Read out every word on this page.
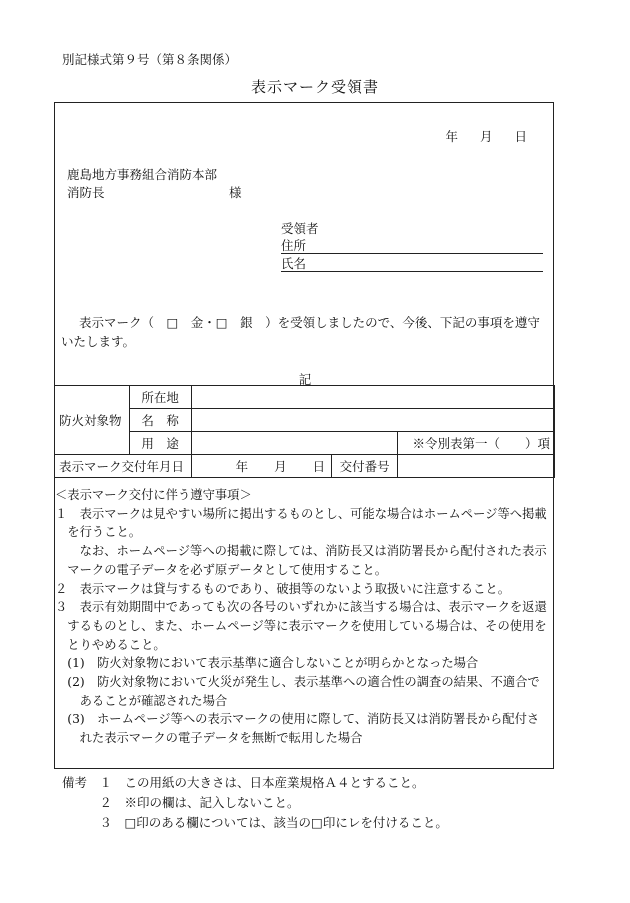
別記様式第９号（第８条関係）
表示マーク受領書
年 月 日
鹿島地方事務組合消防本部
消防長	様
受領者
住所
氏名
表示マーク（　□　金・□　銀　）を受領しましたので、今後、下記の事項を遵守
いたします。
記
防火対象物	所在地			
	名　称			
	用　途			※令別表第一（　　）項
表示マーク交付年月日		年 月 日	交付番号	
＜表示マーク交付に伴う遵守事項＞
１　表示マークは見やすい場所に掲出するものとし、可能な場合はホームページ等へ掲載
　を行うこと。
　　なお、ホームページ等への掲載に際しては、消防長又は消防署長から配付された表示
　マークの電子データを必ず原データとして使用すること。
２　表示マークは貸与するものであり、破損等のないよう取扱いに注意すること。
３　表示有効期間中であっても次の各号のいずれかに該当する場合は、表示マークを返還
　するものとし、また、ホームページ等に表示マークを使用している場合は、その使用を
　とりやめること。
　(1)　防火対象物において表示基準に適合しないことが明らかとなった場合
　(2)　防火対象物において火災が発生し、表示基準への適合性の調査の結果、不適合で
　　あることが確認された場合
　(3)　ホームページ等への表示マークの使用に際して、消防長又は消防署長から配付さ
　　れた表示マークの電子データを無断で転用した場合
備考　１　この用紙の大きさは、日本産業規格Ａ４とすること。
　　　２　※印の欄は、記入しないこと。
　　　３　□印のある欄については、該当の□印にレを付けること。
